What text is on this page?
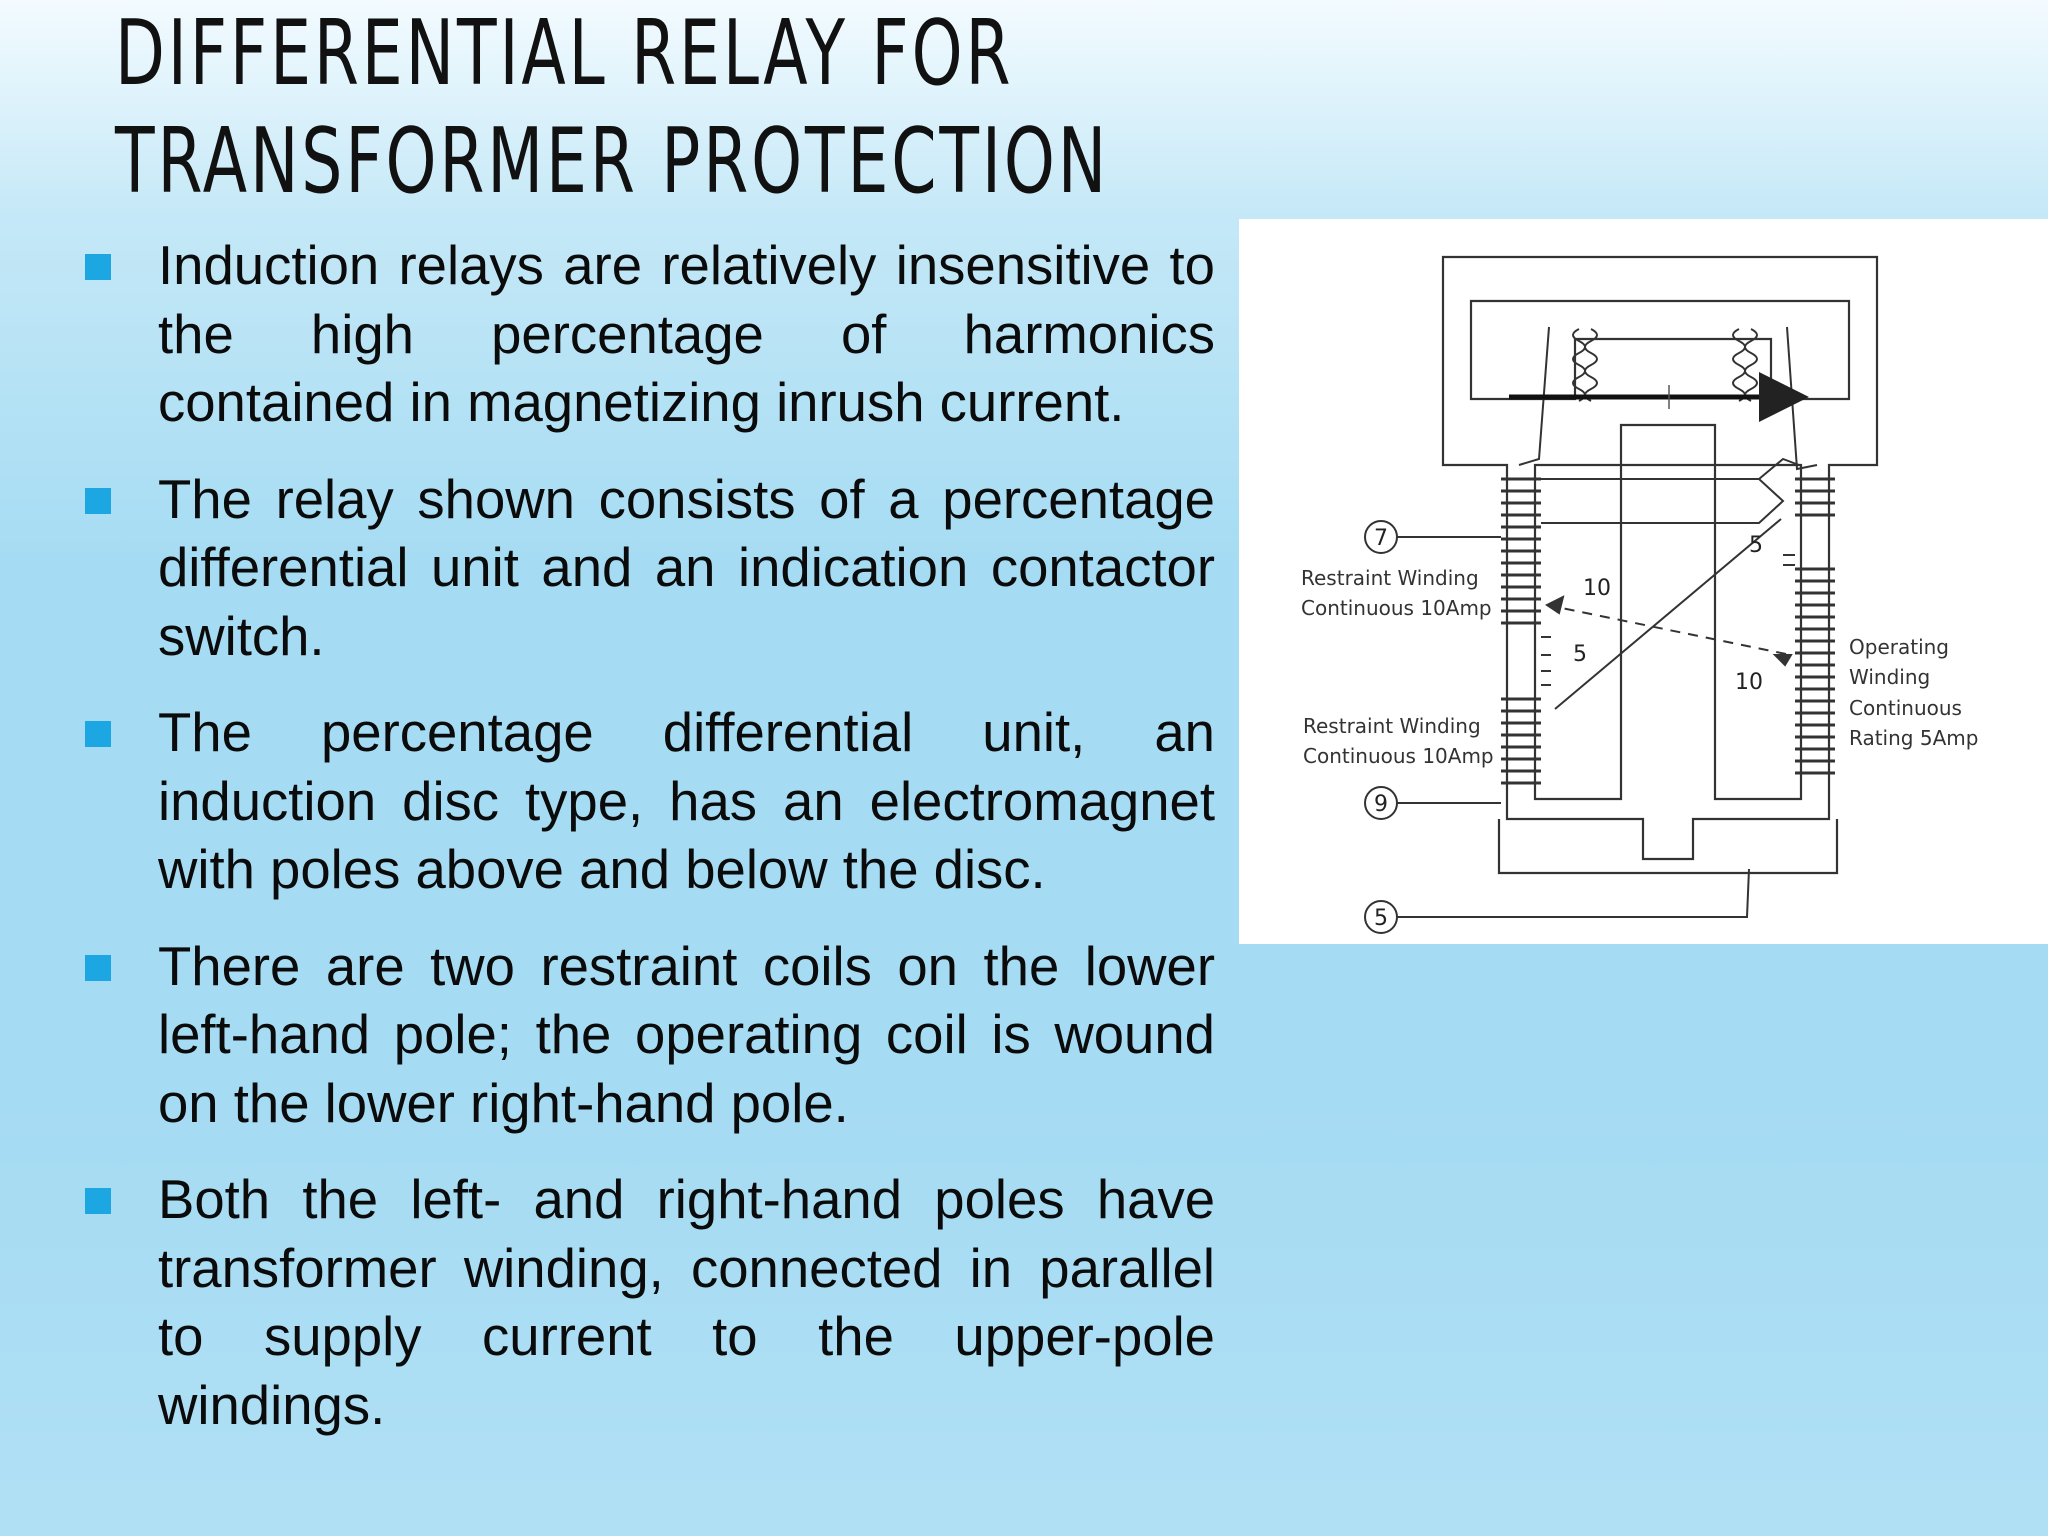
DIFFERENTIAL RELAY FOR TRANSFORMER PROTECTION
Induction relays are relatively insensitive to the high percentage of harmonics contained in magnetizing inrush current.
The relay shown consists of a percentage differential unit and an indication contactor switch.
The percentage differential unit, an induction disc type, has an electromagnet with poles above and below the disc.
There are two restraint coils on the lower left-hand pole; the operating coil is wound on the lower right-hand pole.
Both the left- and right-hand poles have transformer winding, connected in parallel to supply current to the upper-pole windings.
7
9
5
10
5
5
10
Restraint Winding
Continuous 10Amp
Restraint Winding
Continuous 10Amp
Operating
Winding
Continuous
Rating 5Amp
